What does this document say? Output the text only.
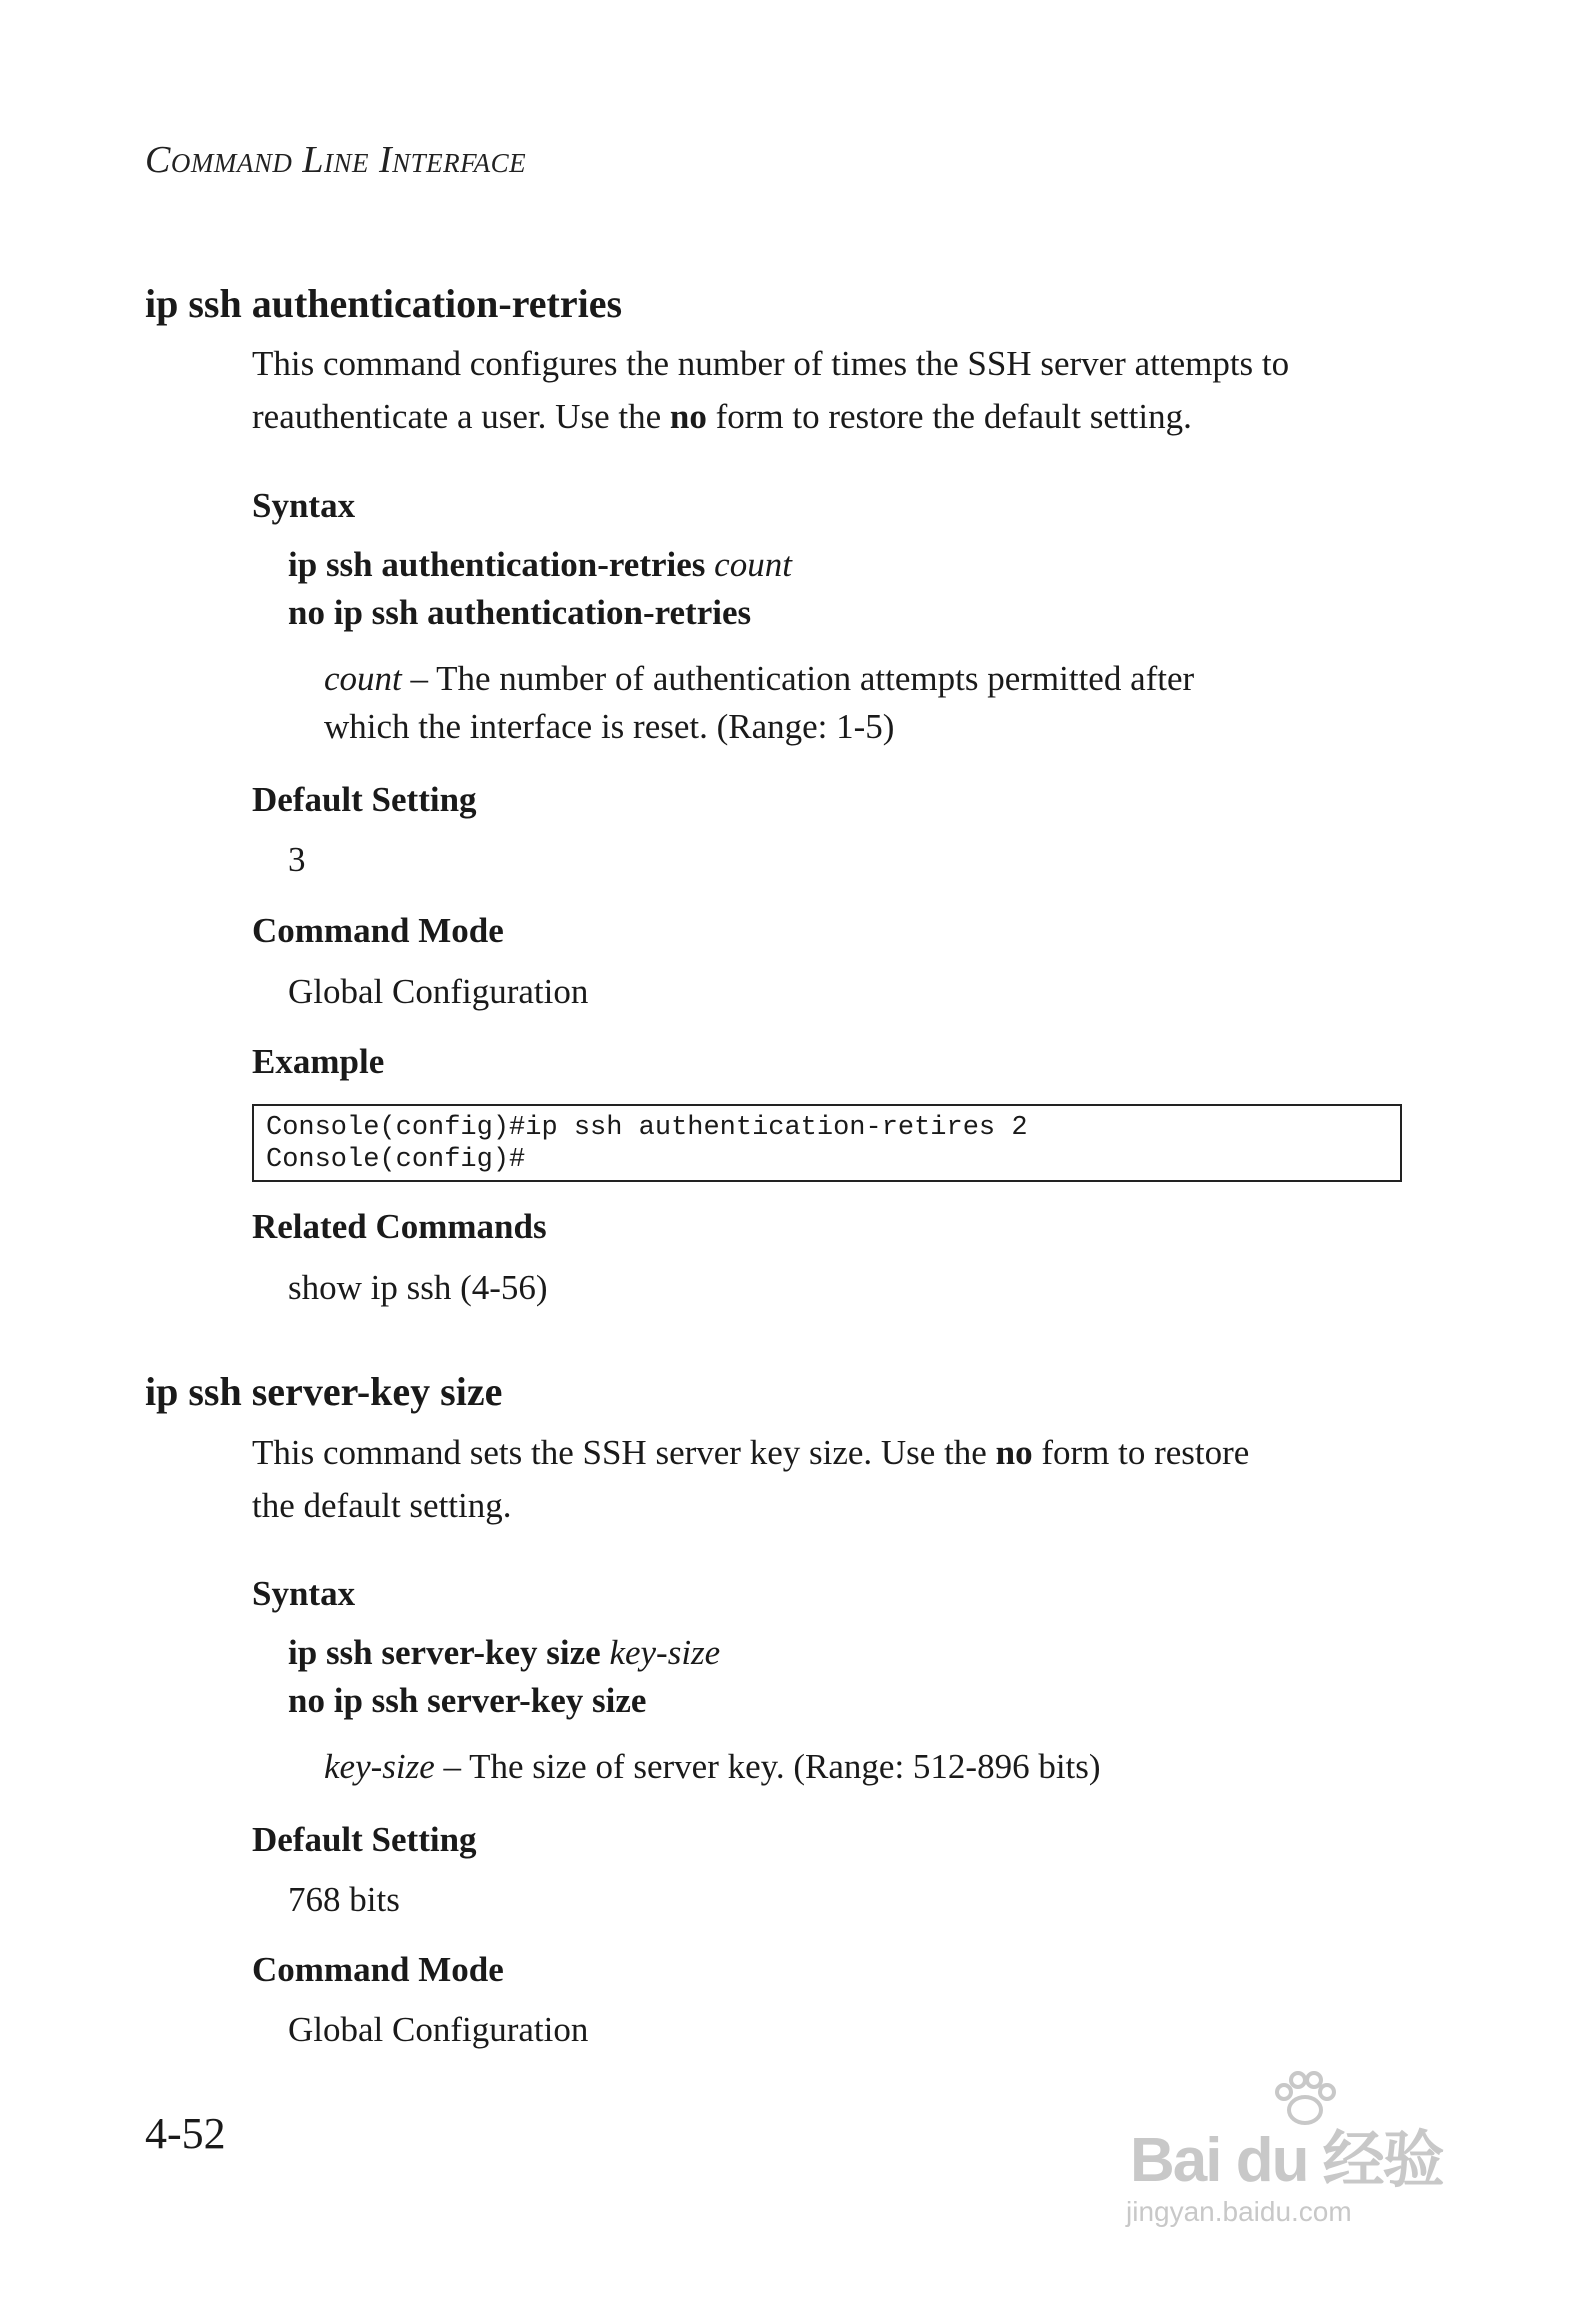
Command Line Interface
ip ssh authentication-retries

This command configures the number of times the SSH server attempts to
reauthenticate a user. Use the no form to restore the default setting.

Syntax
ip ssh authentication-retries count
no ip ssh authentication-retries

count – The number of authentication attempts permitted after
which the interface is reset. (Range: 1-5)

Default Setting
3
Command Mode
Global Configuration
Example
Console(config)#ip ssh authentication-retires 2
Console(config)#
Related Commands
show ip ssh (4-56)
ip ssh server-key size

This command sets the SSH server key size. Use the no form to restore
the default setting.

Syntax
ip ssh server-key size key-size
no ip ssh server-key size

key-size – The size of server key. (Range: 512-896 bits)

Default Setting
768 bits
Command Mode
Global Configuration
4-52	Bai du 经验
jingyan.baidu.com
